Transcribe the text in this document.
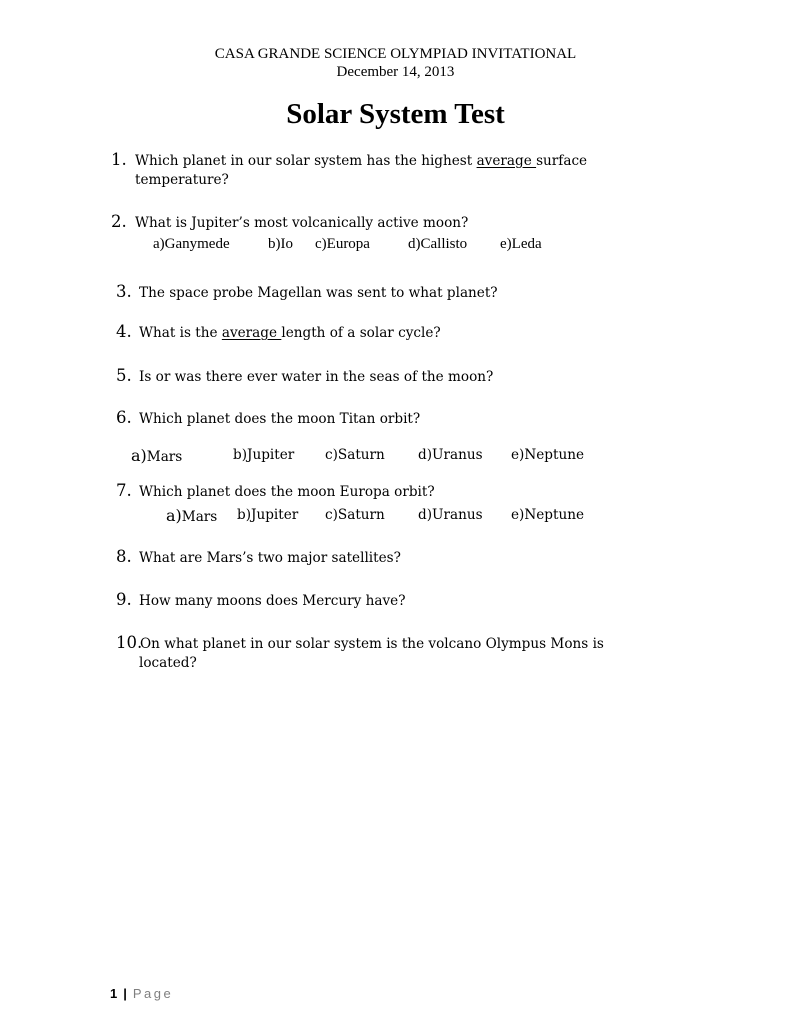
CASA GRANDE SCIENCE OLYMPIAD INVITATIONAL
December 14, 2013
Solar System Test
1. Which planet in our solar system has the highest average surface
temperature?
2. What is Jupiter’s most volcanically active moon?
a)Ganymede	b)Io c)Europa	d)Callisto e)Leda
3. The space probe Magellan was sent to what planet?
4. What is the average length of a solar cycle?
5. Is or was there ever water in the seas of the moon?
6. Which planet does the moon Titan orbit?
a)Mars	b)Jupiter c)Saturn d)Uranus e)Neptune
7. Which planet does the moon Europa orbit?
a)Mars b)Jupiter c)Saturn d)Uranus e)Neptune
8. What are Mars’s two major satellites?
9. How many moons does Mercury have?
10.
On what planet in our solar system is the volcano Olympus Mons is
located?
1 | Page
